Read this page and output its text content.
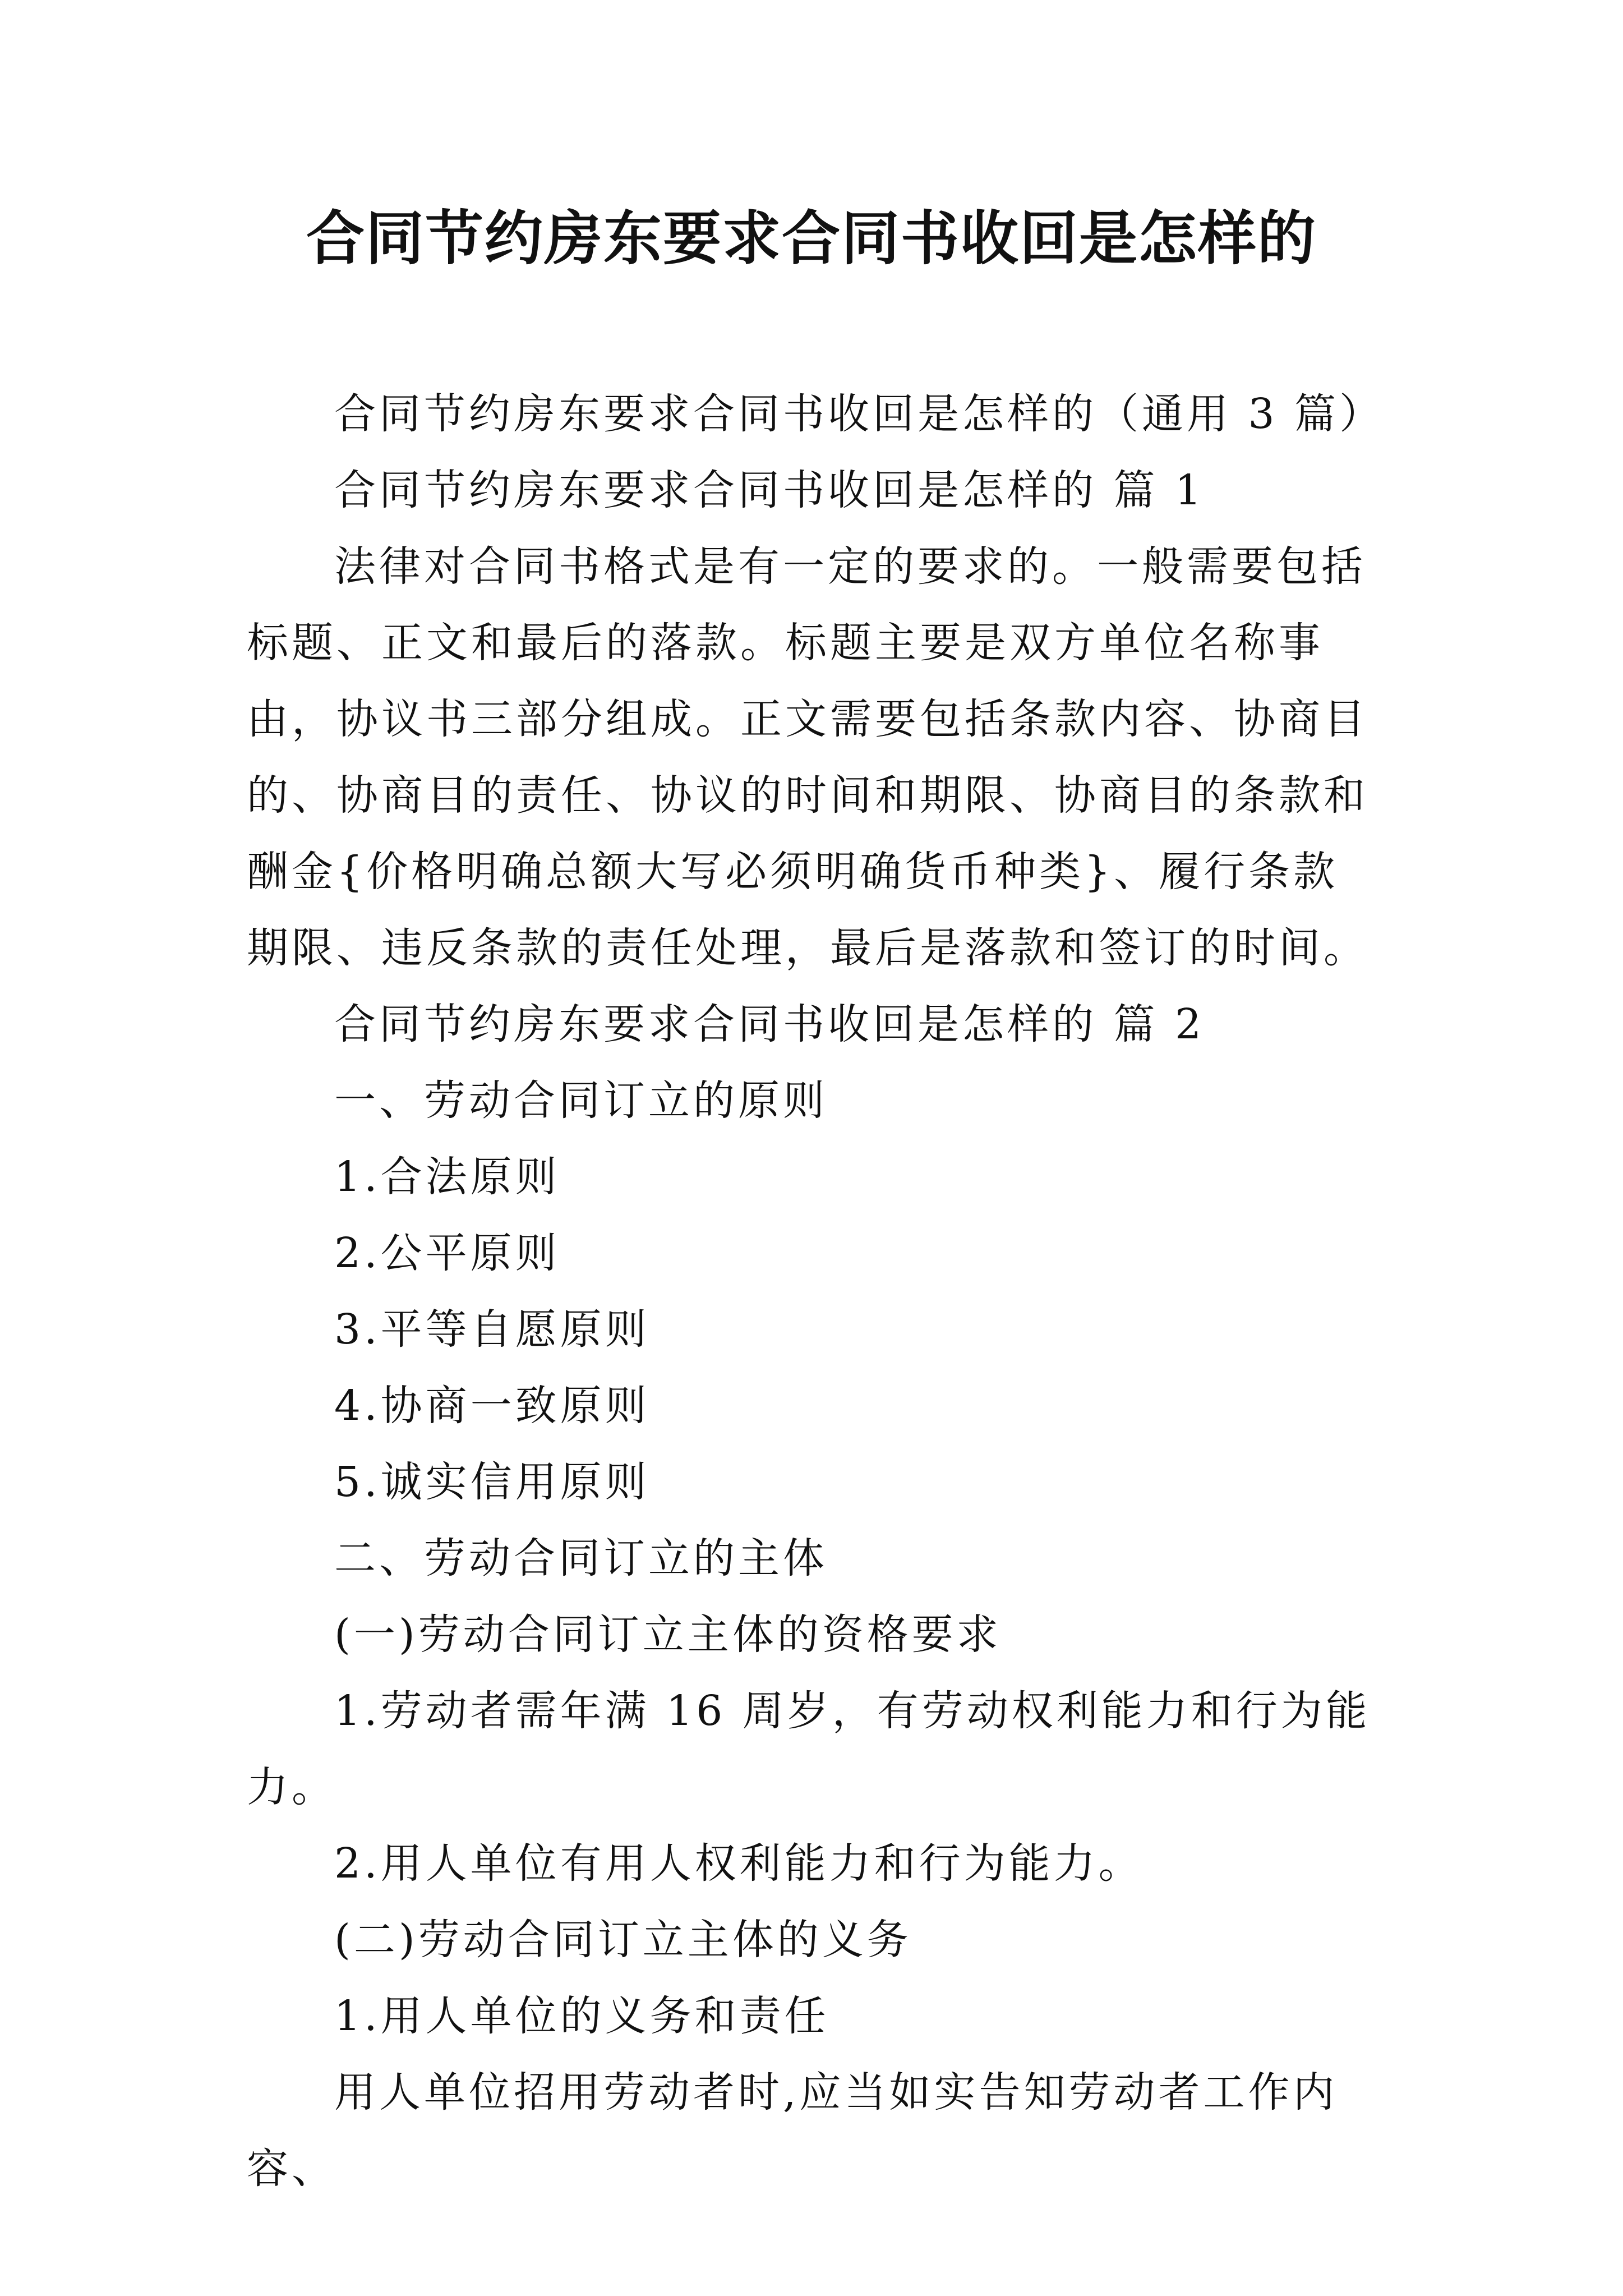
合同节约房东要求合同书收回是怎样的

合同节约房东要求合同书收回是怎样的（通用 3 篇）

合同节约房东要求合同书收回是怎样的 篇 1

法律对合同书格式是有一定的要求的。一般需要包括标题、正文和最后的落款。标题主要是双方单位名称事由，协议书三部分组成。正文需要包括条款内容、协商目的、协商目的责任、协议的时间和期限、协商目的条款和酬金{价格明确总额大写必须明确货币种类}、履行条款期限、违反条款的责任处理，最后是落款和签订的时间。

合同节约房东要求合同书收回是怎样的 篇 2

一、劳动合同订立的原则

1.合法原则

2.公平原则

3.平等自愿原则

4.协商一致原则

5.诚实信用原则

二、劳动合同订立的主体

(一)劳动合同订立主体的资格要求

1.劳动者需年满 16 周岁，有劳动权利能力和行为能力。

2.用人单位有用人权利能力和行为能力。

(二)劳动合同订立主体的义务

1.用人单位的义务和责任

用人单位招用劳动者时,应当如实告知劳动者工作内容、
